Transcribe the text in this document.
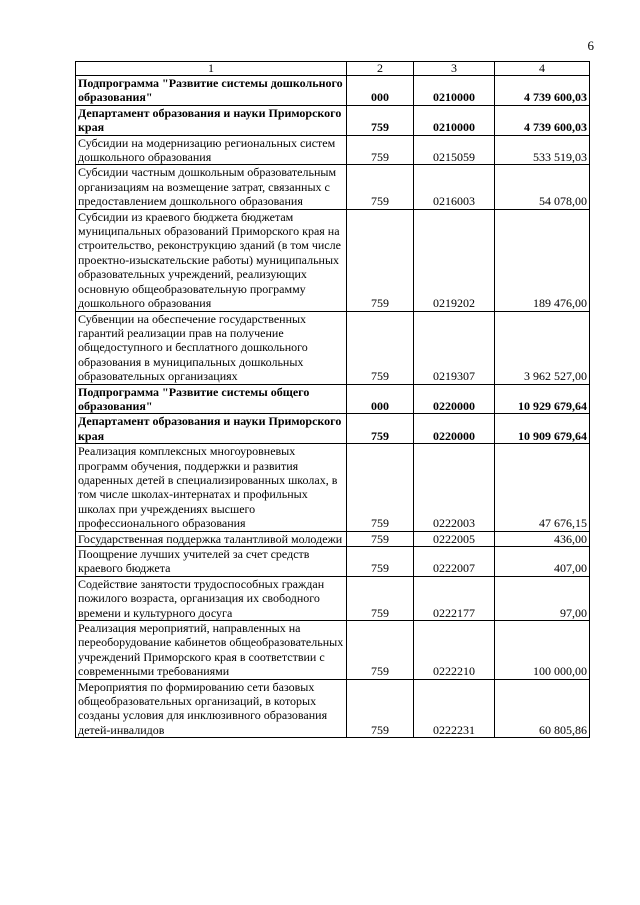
6
1	2	3	4
Подпрограмма "Развитие системы дошкольного образования"	000	0210000	4 739 600,03
Департамент образования и науки Приморского края	759	0210000	4 739 600,03
Субсидии на модернизацию региональных систем дошкольного образования	759	0215059	533 519,03
Субсидии частным дошкольным образовательным организациям на возмещение затрат, связанных с предоставлением дошкольного образования	759	0216003	54 078,00
Субсидии из краевого бюджета бюджетам муниципальных образований Приморского края на строительство, реконструкцию зданий (в том числе проектно-изыскательские работы) муниципальных образовательных учреждений, реализующих основную общеобразовательную программу дошкольного образования	759	0219202	189 476,00
Субвенции на обеспечение государственных гарантий реализации прав на получение общедоступного и бесплатного дошкольного образования в муниципальных дошкольных образовательных организациях	759	0219307	3 962 527,00
Подпрограмма "Развитие системы общего образования"	000	0220000	10 929 679,64
Департамент образования и науки Приморского края	759	0220000	10 909 679,64
Реализация комплексных многоуровневых программ обучения, поддержки и развития одаренных детей в специализированных школах, в том числе школах-интернатах и профильных школах при учреждениях высшего профессионального образования	759	0222003	47 676,15
Государственная поддержка талантливой молодежи	759	0222005	436,00
Поощрение лучших учителей за счет средств краевого бюджета	759	0222007	407,00
Содействие занятости трудоспособных граждан пожилого возраста, организация их свободного времени и культурного досуга	759	0222177	97,00
Реализация мероприятий, направленных на переоборудование кабинетов общеобразовательных учреждений Приморского края в соответствии с современными требованиями	759	0222210	100 000,00
Мероприятия по формированию сети базовых общеобразовательных организаций, в которых созданы условия для инклюзивного образования детей-инвалидов	759	0222231	60 805,86
